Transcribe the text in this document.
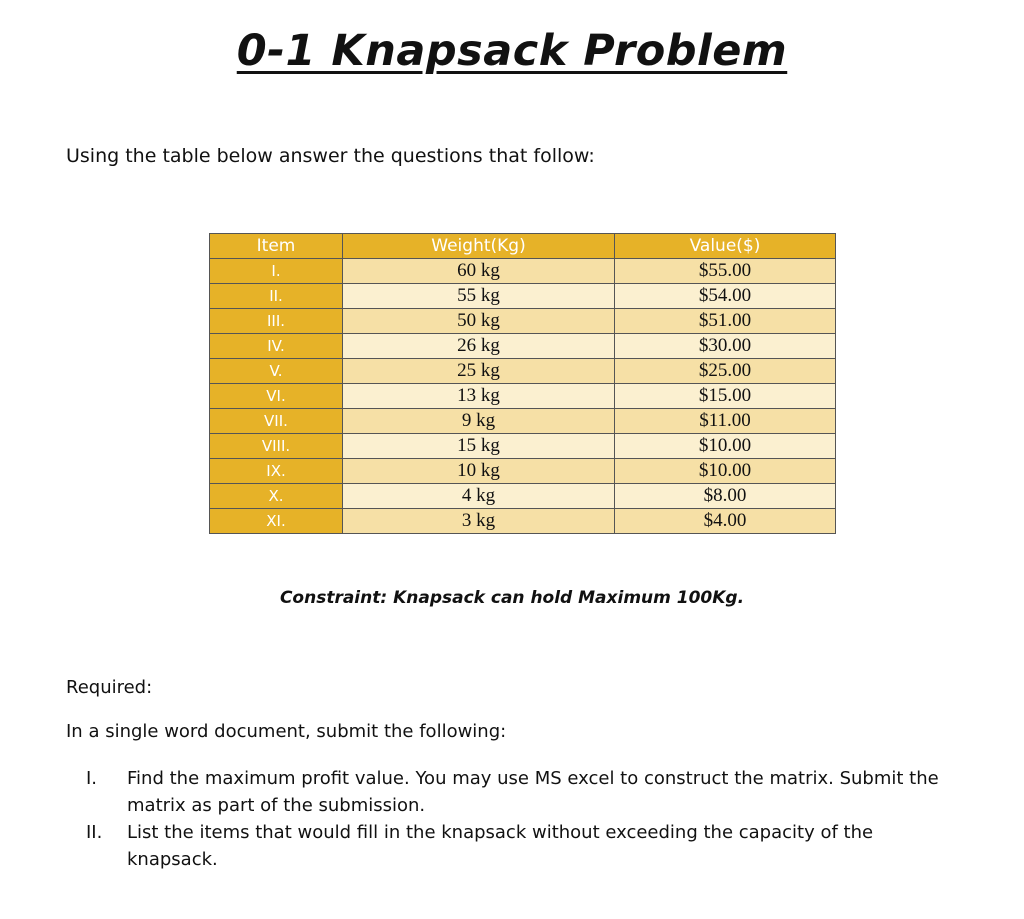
0-1 Knapsack Problem
Using the table below answer the questions that follow:
Item	Weight(Kg)	Value($)
I.	60 kg	$55.00
II.	55 kg	$54.00
III.	50 kg	$51.00
IV.	26 kg	$30.00
V.	25 kg	$25.00
VI.	13 kg	$15.00
VII.	9 kg	$11.00
VIII.	15 kg	$10.00
IX.	10 kg	$10.00
X.	4 kg	$8.00
XI.	3 kg	$4.00
Constraint: Knapsack can hold Maximum 100Kg.
Required:
In a single word document, submit the following:
I.	Find the maximum profit value. You may use MS excel to construct the matrix. Submit the matrix as part of the submission.
II.	List the items that would fill in the knapsack without exceeding the capacity of the knapsack.
